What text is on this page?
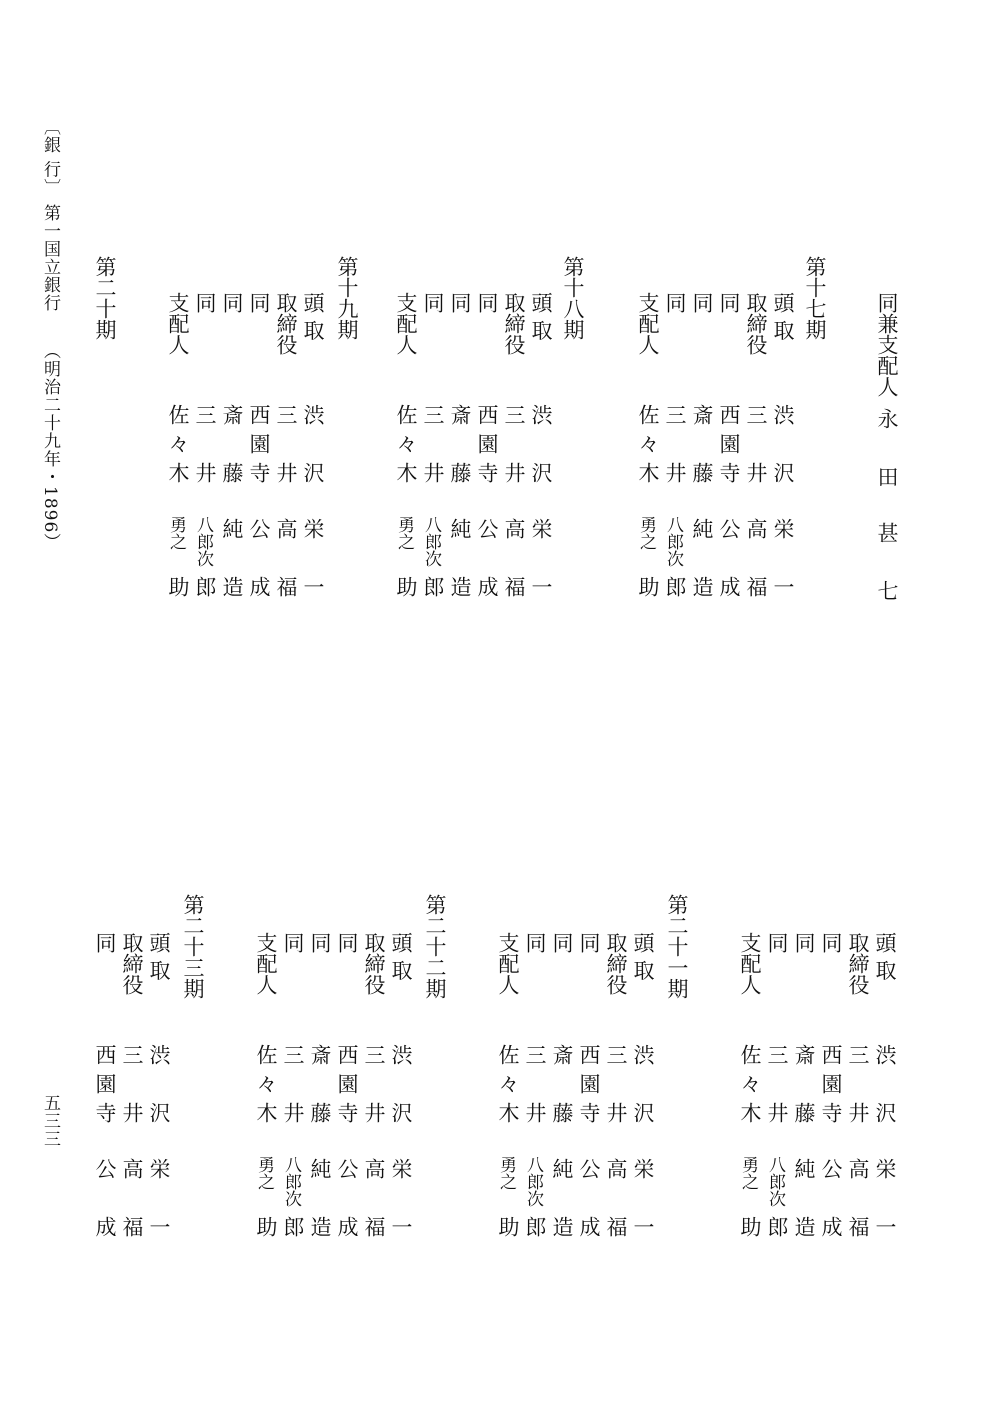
〔銀 行〕
第一国立銀行
（明治二十九年・1896）
五三三
同兼支配人
永
田
甚
七
第十七期
第十八期
第十九期
第二十期
第二十一期
第二十二期
第二十三期
頭 取
渋
沢
栄
一
取締役
三
井
高
福
同
西
園
寺
公
成
同
斎
藤
純
造
同
三
井
八郎次
郎
支配人
佐
々
木
勇之
助
頭 取
渋
沢
栄
一
取締役
三
井
高
福
同
西
園
寺
公
成
同
斎
藤
純
造
同
三
井
八郎次
郎
支配人
佐
々
木
勇之
助
頭 取
渋
沢
栄
一
取締役
三
井
高
福
同
西
園
寺
公
成
同
斎
藤
純
造
同
三
井
八郎次
郎
支配人
佐
々
木
勇之
助
頭 取
渋
沢
栄
一
取締役
三
井
高
福
同
西
園
寺
公
成
同
斎
藤
純
造
同
三
井
八郎次
郎
支配人
佐
々
木
勇之
助
頭 取
渋
沢
栄
一
取締役
三
井
高
福
同
西
園
寺
公
成
同
斎
藤
純
造
同
三
井
八郎次
郎
支配人
佐
々
木
勇之
助
頭 取
渋
沢
栄
一
取締役
三
井
高
福
同
西
園
寺
公
成
同
斎
藤
純
造
同
三
井
八郎次
郎
支配人
佐
々
木
勇之
助
頭 取
渋
沢
栄
一
取締役
三
井
高
福
同
西
園
寺
公
成
